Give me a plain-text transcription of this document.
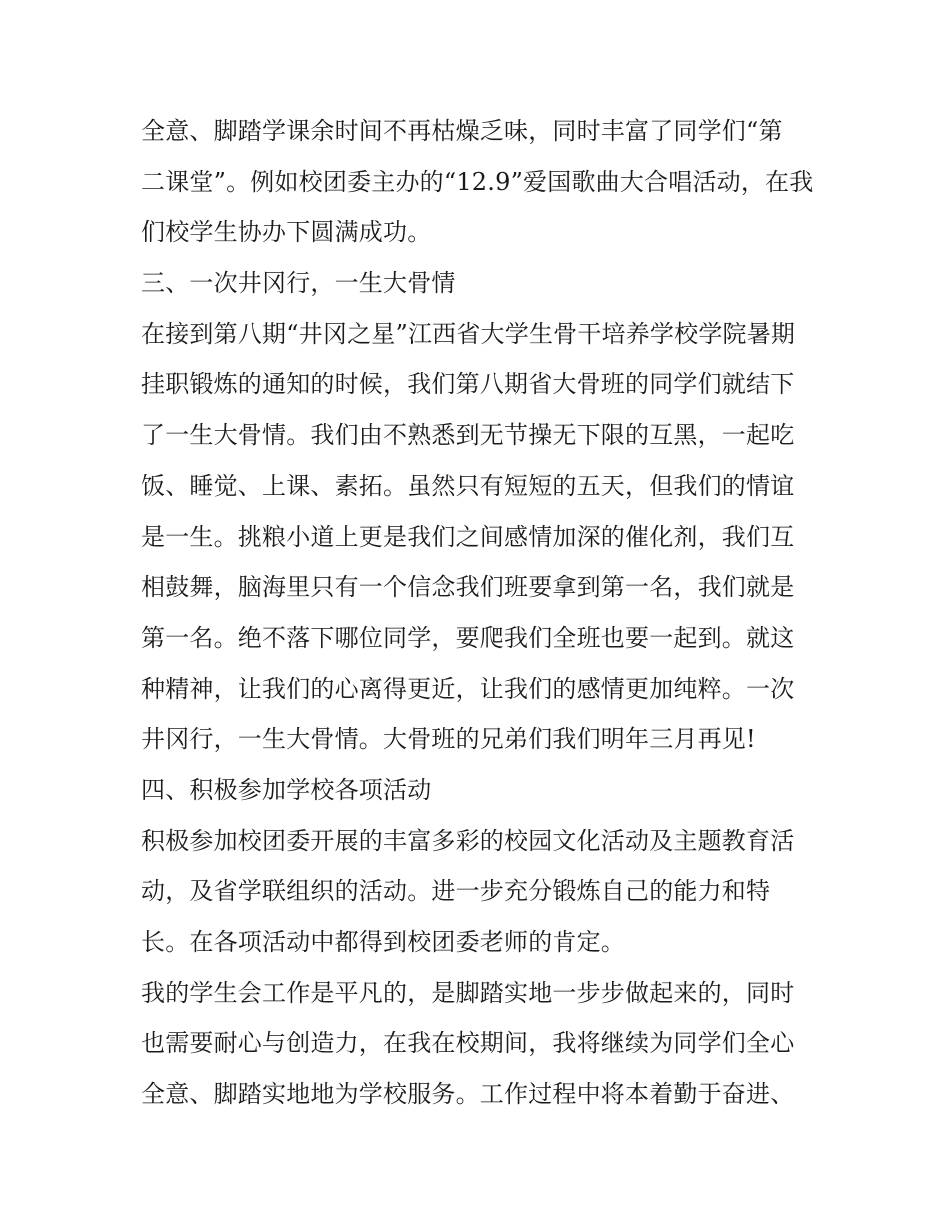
全意、脚踏学课余时间不再枯燥乏味，同时丰富了同学们“第
二课堂”。例如校团委主办的“12.9”爱国歌曲大合唱活动，在我
们校学生协办下圆满成功。
三、一次井冈行，一生大骨情
在接到第八期“井冈之星”江西省大学生骨干培养学校学院暑期
挂职锻炼的通知的时候，我们第八期省大骨班的同学们就结下
了一生大骨情。我们由不熟悉到无节操无下限的互黑，一起吃
饭、睡觉、上课、素拓。虽然只有短短的五天，但我们的情谊
是一生。挑粮小道上更是我们之间感情加深的催化剂，我们互
相鼓舞，脑海里只有一个信念我们班要拿到第一名，我们就是
第一名。绝不落下哪位同学，要爬我们全班也要一起到。就这
种精神，让我们的心离得更近，让我们的感情更加纯粹。一次
井冈行，一生大骨情。大骨班的兄弟们我们明年三月再见!
四、积极参加学校各项活动
积极参加校团委开展的丰富多彩的校园文化活动及主题教育活
动，及省学联组织的活动。进一步充分锻炼自己的能力和特
长。在各项活动中都得到校团委老师的肯定。
我的学生会工作是平凡的，是脚踏实地一步步做起来的，同时
也需要耐心与创造力，在我在校期间，我将继续为同学们全心
全意、脚踏实地地为学校服务。工作过程中将本着勤于奋进、
